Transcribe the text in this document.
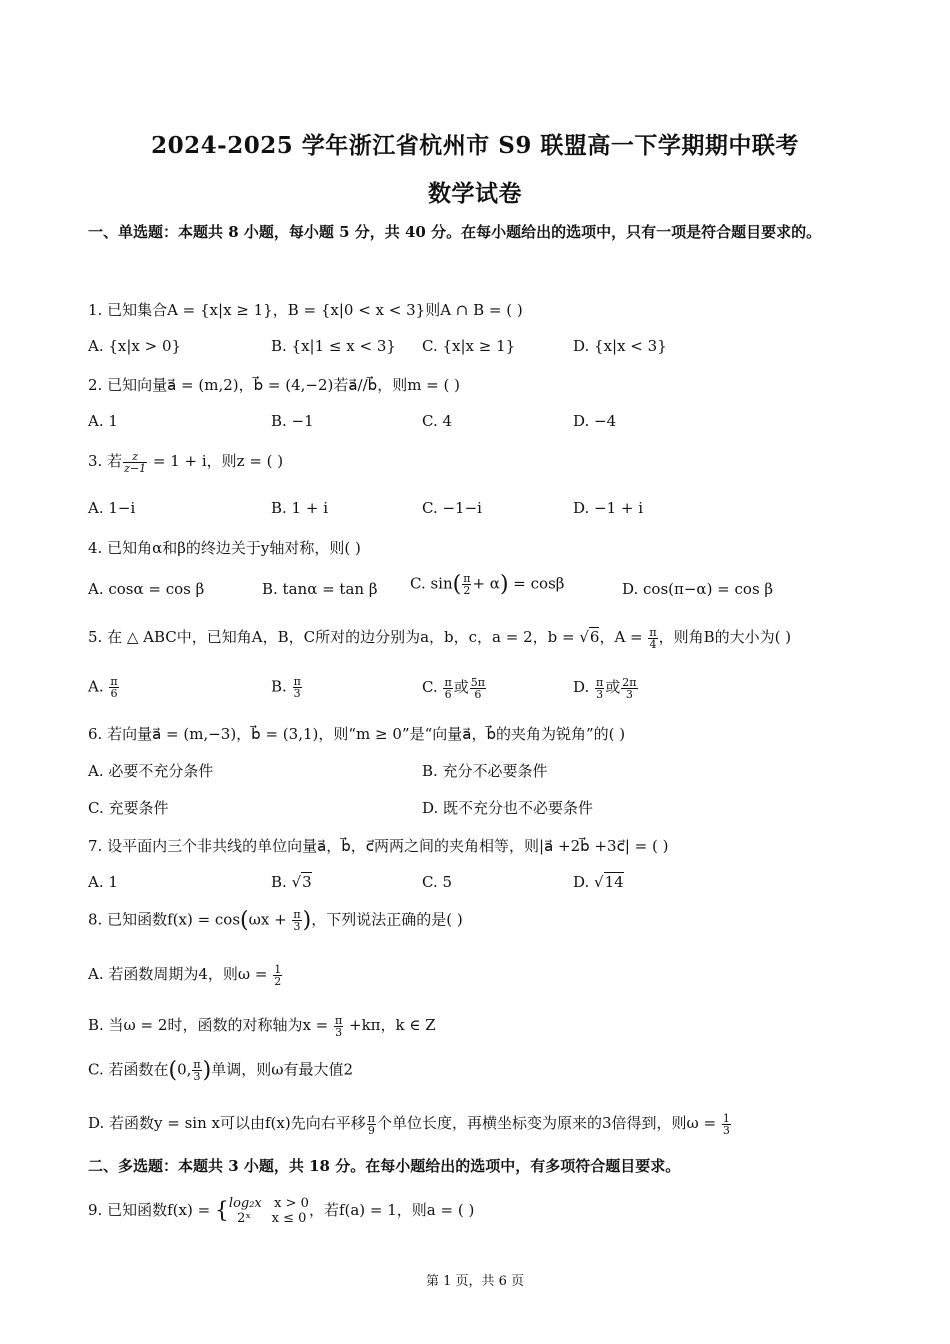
2024-2025 学年浙江省杭州市 S9 联盟高一下学期期中联考
数学试卷
一、单选题：本题共 8 小题，每小题 5 分，共 40 分。在每小题给出的选项中，只有一项是符合题目要求的。
1. 已知集合A = {x|x ≥ 1}，B = {x|0 < x < 3}则A ∩ B = ( )
A. {x|x > 0}	B. {x|1 ≤ x < 3} C. {x|x ≥ 1}	D. {x|x < 3}
2. 已知向量a⃗ = (m,2)，b⃗ = (4,−2)若a⃗//b⃗，则m = ( )
A. 1	B. −1	C. 4	D. −4
3. 若 $\frac{z}{z-1} = 1 + i$，则z = ( )
A. 1−i	B. 1 + i	C. −1−i	D. −1 + i
4. 已知角α和β的终边关于y轴对称，则( )
A. cosα = cos β	B. tanα = tan β C. $\sin( \frac{\pi}{2} + \alpha) = \cos\beta$	D. cos(π−α) = cos β
5. 在 △ ABC中，已知角A，B，C所对的边分别为a，b，c，a = 2，b = √6，$A = \frac{\pi}{4}$ ，则角B的大小为( )
A. $\frac{\pi}{6}$	B. $\frac{\pi}{3}$	C. $\frac{\pi}{6}$ 或 $\frac{5\pi}{6}$	D. $\frac{\pi}{3}$ 或 $\frac{2\pi}{3}$
6. 若向量a⃗ = (m,−3)，b⃗ = (3,1)，则“m ≥ 0”是“向量a⃗，b⃗的夹角为锐角”的( )
A. 必要不充分条件	B. 充分不必要条件
C. 充要条件	D. 既不充分也不必要条件
7. 设平面内三个非共线的单位向量a⃗，b⃗，c⃗两两之间的夹角相等，则|a⃗ +2b⃗ +3c⃗| = ( )
A. 1	B. √3	C. 5	D. √14
8. 已知函数$f(x) = \cos(\omega x + \frac{\pi}{3}$ )，下列说法正确的是( )
A. 若函数周期为4，则$\omega = \frac{1}{2}$
B. 当ω = 2时，函数的对称轴为$x = \frac{\pi}{3} +k\pi$，k ∈ Z
C. 若函数在(0, $\frac{\pi}{3}$ )单调，则ω有最大值2
D. 若函数y = sin x可以由f(x)先向右平移 $\frac{\pi}{9}$ 个单位长度，再横坐标变为原来的3倍得到，则$\omega = \frac{1}{3}$
二、多选题：本题共 3 小题，共 18 分。在每小题给出的选项中，有多项符合题目要求。
9. 已知函数f(x) = { log₂x x > 0
2ˣ x ≤ 0 ，若f(a) = 1，则a = ( )
第 1 页，共 6 页
